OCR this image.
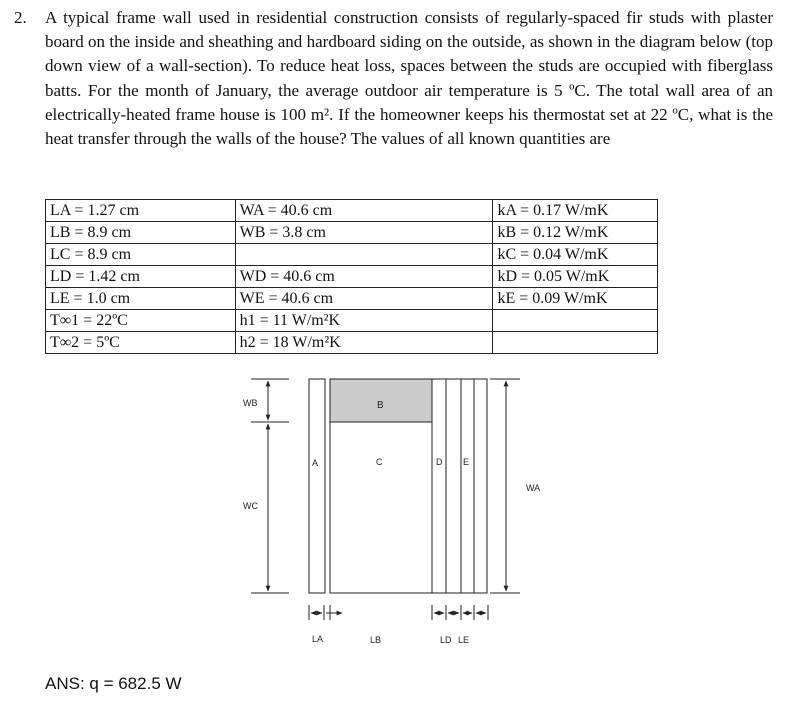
2. A typical frame wall used in residential construction consists of regularly-spaced fir studs with plaster board on the inside and sheathing and hardboard siding on the outside, as shown in the diagram below (top down view of a wall-section). To reduce heat loss, spaces between the studs are occupied with fiberglass batts. For the month of January, the average outdoor air temperature is 5 ºC. The total wall area of an electrically-heated frame house is 100 m². If the homeowner keeps his thermostat set at 22 ºC, what is the heat transfer through the walls of the house? The values of all known quantities are
LA = 1.27 cm	WA = 40.6 cm	kA = 0.17 W/mK
LB = 8.9 cm	WB = 3.8 cm	kB = 0.12 W/mK
LC = 8.9 cm		kC = 0.04 W/mK
LD = 1.42 cm	WD = 40.6 cm	kD = 0.05 W/mK
LE = 1.0 cm	WE = 40.6 cm	kE = 0.09 W/mK
T∞1 = 22ºC	h1 = 11 W/m²K	
T∞2 = 5ºC	h2 = 18 W/m²K	
WB
WC
B
A	C	D E
WA
LA	LB	LD LE
ANS: q = 682.5 W
